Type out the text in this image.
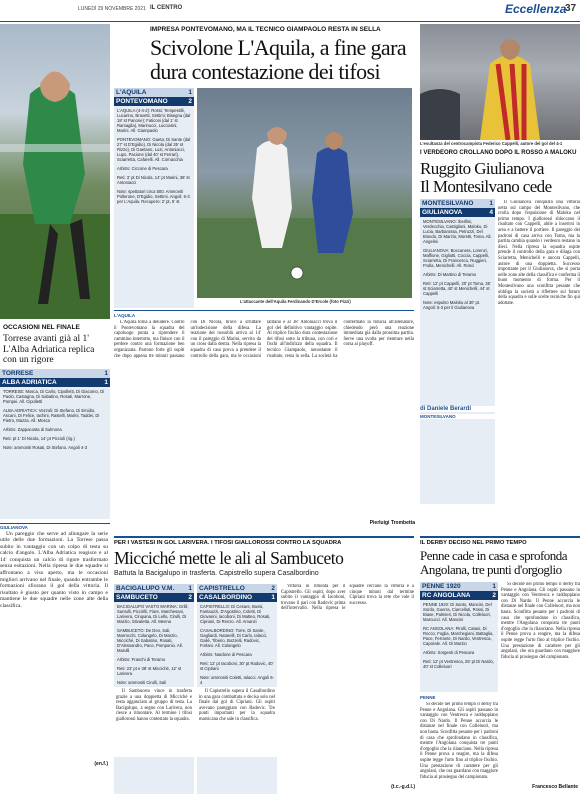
LUNEDÌ 29 NOVEMBRE 2021 IL CENTRO	Eccellenza
37
IMPRESA PONTEVOMANO, MA IL TECNICO GIAMPAOLO RESTA IN SELLA
Scivolone L'Aquila, a fine gara
dura contestazione dei tifosi
L'AQUILA	1
PONTEVOMANO	2
L'AQUILA (4-4-2): Rossi; Tempestilli, Lucarino, Bravetti, Settimi; Bisegna (dal 18' st Panone); Faticoni (dal 1' st Ramaglia), Marinucci, Lucciarini, Marini. All. Giampaolo
PONTEVOMANO: Gaeta; Di Sante (dal 27' st D'Egidio), Di Nicola (dal 35' st Rizzo), Di Gaetano, Luzi, Antoniacci, Lupo, Pacione (dal 40' st Ferrari), Sciarretta, Cafarelli. All. Cornacchia
Arbitro: Ciccone di Pescara
Reti: 3' pt Di Nicola, 14' pt Marini, 38' st Antoniacci
Note: spettatori circa 500. Ammoniti Pollerone, D'Egidio, Settimi. Angoli: 6-3 per L'Aquila. Recupero: 2' pt, 5' st
L'attaccante dell'Aquila Ferdinando D'Ercole (foto Pizzi)
L'AQUILA

L'Aquila torna a deludere. Contro il Pontevomano la squadra del capoluogo punta a riprendere il cammino interrotto, ma finisce con il perdere contro una formazione ben organizzata. Partono forte gli ospiti che dopo appena tre minuti passano con Di Nicola, bravo a sfruttare un'indecisione della difesa. La reazione dei rossoblù arriva al 14' con il pareggio di Marini, servito da un cross dalla destra. Nella ripresa la squadra di casa prova a prendere il controllo della gara, ma le occasioni latitano e al 38' Antoniacci trova il gol del definitivo vantaggio ospite. Al triplice fischio dura contestazione dei tifosi sotto la tribuna, con cori e fischi all'indirizzo della squadra. Il tecnico Giampaolo, nonostante il risultato, resta in sella. La società ha confermato la fiducia all'allenatore, chiedendo però una reazione immediata già dalla prossima partita. Serve una svolta per rientrare nella corsa ai playoff.

Pierluigi Trombetta
OCCASIONI NEL FINALE
Torrese avanti già al 1' L'Alba Adriatica replica con un rigore
TORRESE	1
ALBA ADRIATICA	1
TORRESE: Mosca, Di Carlo, Cipolletti, Di Giacomo, Di Paolo, Castagna, Di Sabatino, Rosati, Marrone, Pompei. All. Cipolletti
ALBA ADRIATICA: Vezzoli; Di Stefano, Di Emidio, Ascani, Di Felice, Iachini, Rastelli, Marini, Taddei, Di Pietro, Mazza. All. Mosca
Arbitro: Zappacosta di Sulmona
Reti: pt 1' Di Nicola, 14' pt Piccioli (rig.)
Note: ammoniti Rosati, Di Stefano. Angoli 4-3
GIULIANOVA

Un pareggio che serve ad allungare la serie utile delle due formazioni. La Torrese passa subito in vantaggio con un colpo di testa su calcio d'angolo. L'Alba Adriatica reagisce e al 14' conquista un calcio di rigore trasformato senza esitazioni. Nella ripresa le due squadre si affrontano a viso aperto, ma le occasioni migliori arrivano nel finale, quando entrambe le formazioni sfiorano il gol della vittoria. Il risultato è giusto per quanto visto in campo e mantiene le due squadre nelle zone alte della classifica.

(en.f.)
L'esultanza del centrocampista Federico Cappelli, autore del gol del 4-1
I VERDEORO CROLLANO DOPO IL ROSSO A MALOKU
Ruggito Giulianova
Il Montesilvano cede
MONTESILVANO 1
GIULIANOVA	4
MONTESILVANO: Iberllini, Verdecchia, Castiglioni, Maloku, Di Lucia, Barbarossa, Petruzzi, Del Biondo, Di Marzio, Moretti, Toma. All. Angelini
GIULIANOVA: Boccanera, Lorenzi, Maffione, Gigliotti, Coccia, Cappelli, Sciarretta, Di Francesco, Ruggieri, Frulla, Menichelli. All. Ronci
Arbitro: Di Martino di Teramo
Reti: 12' pt Cappelli, 20' pt Toma, 35' st Sciarretta, 40' st Menichelli, 44' st Cappelli
Note: espulso Maloku al 30' pt. Angoli: 5-3 per il Giulianova
di Daniele Berardi
MONTESILVANO

Il Giulianova conquista una vittoria netta sul campo del Montesilvano, che crolla dopo l'espulsione di Maloku nel primo tempo. I giallorossi sbloccano il risultato con Cappelli, abile a inserirsi in area e a battere il portiere. Il pareggio dei padroni di casa arriva con Toma, ma la partita cambia quando i verdeoro restano in dieci. Nella ripresa la squadra ospite prende il controllo della gara e dilaga con Sciarretta, Menichelli e ancora Cappelli, autore di una doppietta. Successo importante per il Giulianova, che si porta nelle zone alte della classifica e conferma il buon momento di forma. Per il Montesilvano una sconfitta pesante che obbliga la società a riflettere sul futuro della squadra e sulle scelte tecniche fin qui adottate.

PER I VASTESI IN GOL LARIVERA. I TIFOSI GIALLOROSSI CONTRO LA SQUADRA
Micciché mette le ali al Sambuceto
Battuta la Bacigalupo in trasferta. Capistrello supera Casalbordino
BACIGALUPO V.M. 1
SAMBUCETO	2
BACIGALUPO VASTO MARINA: Grilli; Santulli, Piccirilli, Fiore, Marchesani, Larivera, Cinquina, Di Lello, Cirulli, Di Marzio, Stivaletta. All. Menna
SAMBUCETO: De Deo, Sali, Marrocchi, Colangelo, Di Marzio, Micciché, Di Sabatino, Rosati, D'Alessandro, Pace, Pomponio. All. Marulli
Arbitro: Franchi di Teramo
Reti: 23' pt e 38' st Micciché, 12' st Larivera
Note: ammoniti Cirulli, Sali

Il Sambuceto vince in trasferta grazie a una doppietta di Micciché e resta agganciato al gruppo di testa. La Bacigalupo, a segno con Larivera, non riesce a rimontare. Al termine i tifosi giallorossi hanno contestato la squadra.

CAPISTRELLO	2
CASALBORDINO	1
CAPISTRELLO: Di Cesare, Bussi, Fantauzzi, D'Agostino, Coletti, Di Giovanni, Iacoboni, Di Matteo, Rosati, Cipriani, Di Renzo. All. Amanzi
CASALBORDINO: Torre, Di Sante, Gagliardi, Natarelli, Di Carlo, Ialacci, Galiè, Tiberio, Bozzelli, Radovic, Forlani. All. Colangelo
Arbitro: Nardone di Pescara
Reti: 12' pt Iacoboni, 30' pt Radovic, 40' st Cipriani
Note: ammoniti Coletti, Ialacci. Angoli 6-4

Il Capistrello supera il Casalbordino in una gara combattuta e decisa solo nel finale dal gol di Cipriani. Gli ospiti avevano pareggiato con Radovic. Tre punti importanti per la squadra marsicana che sale in classifica.

Vittoria in rimonta per il Capistrello. Gli ospiti, dopo aver subito il vantaggio di Iacoboni, trovano il pari con Radovic prima dell'intervallo. Nella ripresa le squadre cercano la vittoria e a cinque minuti dal termine Cipriani trova la rete che vale il successo.

(t.c.-g.d.l.)
IL DERBY DECISO NEL PRIMO TEMPO
Penne cade in casa e sprofonda
Angolana, tre punti d'orgoglio
PENNE 1920	1
RC ANGOLANA	2
PENNE 1920: Di Santo, Mancini, Del Sordo, Guerra, Ciarcelluti, Rossi, Di Biase, Palmieri, Di Nicola, Colleluori, Marcucci. All. Mancini
RC ANGOLANA: Pirolli, Catani, Di Rocco, Foglia, Marchegiani, Battaglia, Pace, Ferrante, Di Nardo, Ventresca, Caporale. All. Di Marzio
Arbitro: Sorgenti di Pescara
Reti: 12' pt Ventresca, 25' pt Di Nardo, 40' st Colleluori
PENNE

Si decide nel primo tempo il derby tra Penne e Angolana. Gli ospiti passano in vantaggio con Ventresca e raddoppiano con Di Nardo. Il Penne accorcia le distanze nel finale con Colleluori, ma non basta. Sconfitta pesante per i padroni di casa che sprofondano in classifica, mentre l'Angolana conquista tre punti d'orgoglio che la rilanciano. Nella ripresa il Penne prova a reagire, ma la difesa ospite regge l'urto fino al triplice fischio. Una prestazione di carattere per gli angolani, che ora guardano con maggiore fiducia al prosieguo del campionato.

Si decide nel primo tempo il derby tra Penne e Angolana. Gli ospiti passano in vantaggio con Ventresca e raddoppiano con Di Nardo. Il Penne accorcia le distanze nel finale con Colleluori, ma non basta. Sconfitta pesante per i padroni di casa che sprofondano in classifica, mentre l'Angolana conquista tre punti d'orgoglio che la rilanciano. Nella ripresa il Penne prova a reagire, ma la difesa ospite regge l'urto fino al triplice fischio. Una prestazione di carattere per gli angolani, che ora guardano con maggiore fiducia al prosieguo del campionato.

Francesco Bellante
